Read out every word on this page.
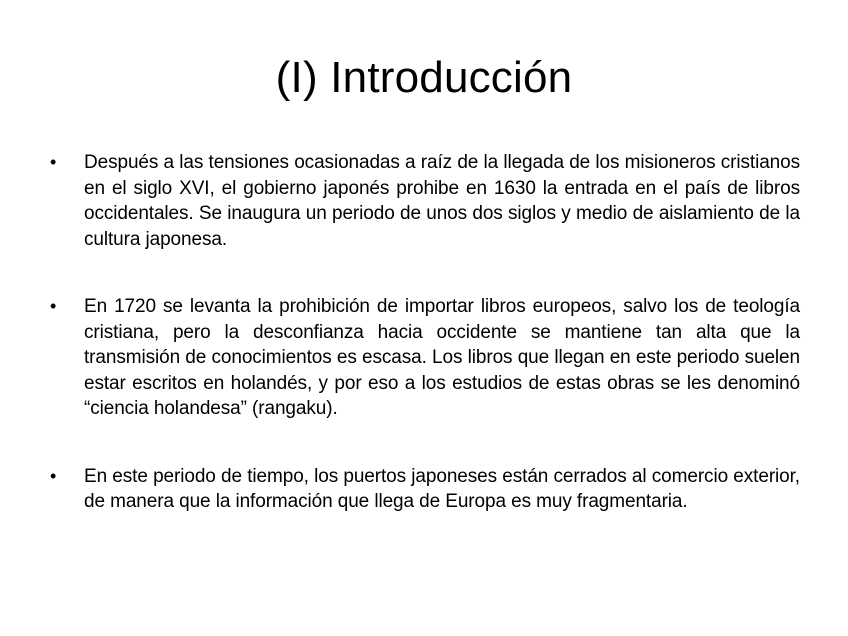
(I) Introducción
• Después a las tensiones ocasionadas a raíz de la llegada de los misioneros cristianos en el siglo XVI, el gobierno japonés prohibe en 1630 la entrada en el país de libros occidentales. Se inaugura un periodo de unos dos siglos y medio de aislamiento de la cultura japonesa.
• En 1720 se levanta la prohibición de importar libros europeos, salvo los de teología cristiana, pero la desconfianza hacia occidente se mantiene tan alta que la transmisión de conocimientos es escasa. Los libros que llegan en este periodo suelen estar escritos en holandés, y por eso a los estudios de estas obras se les denominó “ciencia holandesa” (rangaku).
• En este periodo de tiempo, los puertos japoneses están cerrados al comercio exterior, de manera que la información que llega de Europa es muy fragmentaria.
